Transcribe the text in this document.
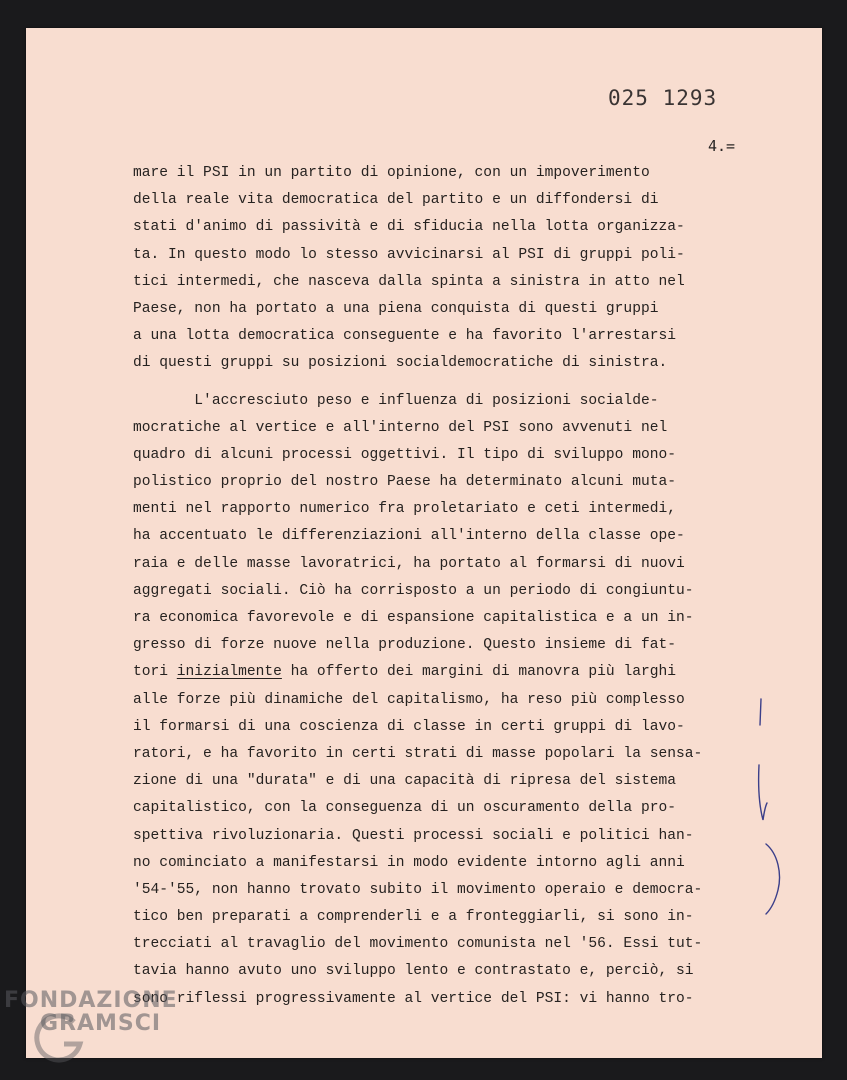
025 1293
4.=
mare il PSI in un partito di opinione, con un impoverimento
della reale vita democratica del partito e un diffondersi di
stati d'animo di passività e di sfiducia nella lotta organizza-
ta. In questo modo lo stesso avvicinarsi al PSI di gruppi poli-
tici intermedi, che nasceva dalla spinta a sinistra in atto nel
Paese, non ha portato a una piena conquista di questi gruppi
a una lotta democratica conseguente e ha favorito l'arrestarsi
di questi gruppi su posizioni socialdemocratiche di sinistra.
L'accresciuto peso e influenza di posizioni socialde-
mocratiche al vertice e all'interno del PSI sono avvenuti nel
quadro di alcuni processi oggettivi. Il tipo di sviluppo mono-
polistico proprio del nostro Paese ha determinato alcuni muta-
menti nel rapporto numerico fra proletariato e ceti intermedi,
ha accentuato le differenziazioni all'interno della classe ope-
raia e delle masse lavoratrici, ha portato al formarsi di nuovi
aggregati sociali. Ciò ha corrisposto a un periodo di congiuntu-
ra economica favorevole e di espansione capitalistica e a un in-
gresso di forze nuove nella produzione. Questo insieme di fat-
tori inizialmente ha offerto dei margini di manovra più larghi
alle forze più dinamiche del capitalismo, ha reso più complesso
il formarsi di una coscienza di classe in certi gruppi di lavo-
ratori, e ha favorito in certi strati di masse popolari la sensa-
zione di una "durata" e di una capacità di ripresa del sistema
capitalistico, con la conseguenza di un oscuramento della pro-
spettiva rivoluzionaria. Questi processi sociali e politici han-
no cominciato a manifestarsi in modo evidente intorno agli anni
'54-'55, non hanno trovato subito il movimento operaio e democra-
tico ben preparati a comprenderli e a fronteggiarli, si sono in-
trecciati al travaglio del movimento comunista nel '56. Essi tut-
tavia hanno avuto uno sviluppo lento e contrastato e, perciò, si
sono riflessi progressivamente al vertice del PSI: vi hanno tro-
FONDAZIONE
GRAMSCI
